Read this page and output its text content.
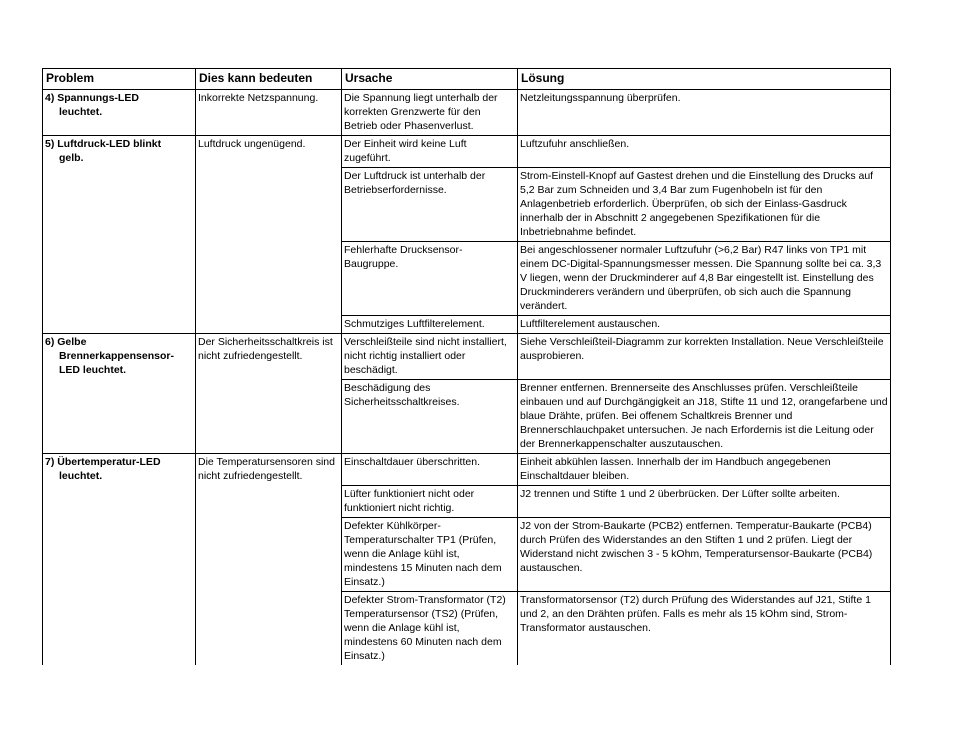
Problem	Dies kann bedeuten	Ursache	Lösung

4) Spannungs-LED
leuchtet.	Inkorrekte Netzspannung.	Die Spannung liegt unterhalb der korrekten Grenzwerte für den Betrieb oder Phasenverlust.	Netzleitungsspannung überprüfen.

5) Luftdruck-LED blinkt
gelb.	Luftdruck ungenügend.	Der Einheit wird keine Luft zugeführt.	Luftzufuhr anschließen.
		Der Luftdruck ist unterhalb der Betriebserfordernisse.	Strom-Einstell-Knopf auf Gastest drehen und die Einstellung des Drucks auf 5,2 Bar zum Schneiden und 3,4 Bar zum Fugenhobeln ist für den Anlagenbetrieb erforderlich. Überprüfen, ob sich der Einlass-Gasdruck innerhalb der in Abschnitt 2 angegebenen Spezifikationen für die Inbetriebnahme befindet.
		Fehlerhafte Drucksensor-Baugruppe.	Bei angeschlossener normaler Luftzufuhr (>6,2 Bar) R47 links von TP1 mit einem DC-Digital-Spannungsmesser messen. Die Spannung sollte bei ca. 3,3 V liegen, wenn der Druckminderer auf 4,8 Bar eingestellt ist. Einstellung des Druckminderers verändern und überprüfen, ob sich auch die Spannung verändert.
		Schmutziges Luftfilterelement.	Luftfilterelement austauschen.

6) Gelbe
Brennerkappensensor-LED leuchtet.	Der Sicherheitsschaltkreis ist nicht zufriedengestellt.	Verschleißteile sind nicht installiert, nicht richtig installiert oder beschädigt.	Siehe Verschleißteil-Diagramm zur korrekten Installation. Neue Verschleißteile ausprobieren.
		Beschädigung des Sicherheitsschaltkreises.	Brenner entfernen. Brennerseite des Anschlusses prüfen. Verschleißteile einbauen und auf Durchgängigkeit an J18, Stifte 11 und 12, orangefarbene und blaue Drähte, prüfen. Bei offenem Schaltkreis Brenner und Brennerschlauchpaket untersuchen. Je nach Erfordernis ist die Leitung oder der Brennerkappenschalter auszutauschen.

7) Übertemperatur-LED
leuchtet.	Die Temperatursensoren sind nicht zufriedengestellt.	Einschaltdauer überschritten.	Einheit abkühlen lassen. Innerhalb der im Handbuch angegebenen Einschaltdauer bleiben.
		Lüfter funktioniert nicht oder funktioniert nicht richtig.	J2 trennen und Stifte 1 und 2 überbrücken. Der Lüfter sollte arbeiten.
		Defekter Kühlkörper-Temperaturschalter TP1 (Prüfen, wenn die Anlage kühl ist, mindestens 15 Minuten nach dem Einsatz.)	J2 von der Strom-Baukarte (PCB2) entfernen. Temperatur-Baukarte (PCB4) durch Prüfen des Widerstandes an den Stiften 1 und 2 prüfen. Liegt der Widerstand nicht zwischen 3 - 5 kOhm, Temperatursensor-Baukarte (PCB4) austauschen.
		Defekter Strom-Transformator (T2) Temperatursensor (TS2) (Prüfen, wenn die Anlage kühl ist, mindestens 60 Minuten nach dem Einsatz.)	Transformatorsensor (T2) durch Prüfung des Widerstandes auf J21, Stifte 1 und 2, an den Drähten prüfen. Falls es mehr als 15 kOhm sind, Strom-Transformator austauschen.
